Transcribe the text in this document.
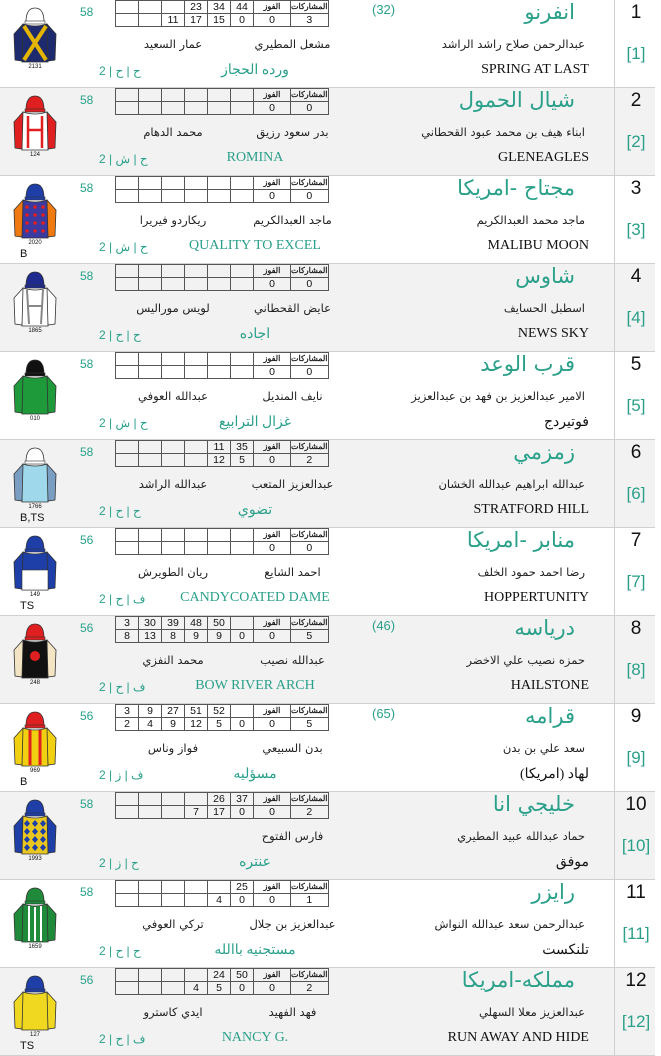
1
[1]
انفرنو
(32)
عبدالرحمن صلاح راشد الراشد
SPRING AT LAST
ورده الحجاز
مشعل المطيري
عمار السعيد
58
ح | ح | 2
			23	34	44	الفوز	المشاركات
		11	17	15	0	0	3
2131
2
[2]
شيال الحمول
ابناء هيف بن محمد عبود القحطاني
GLENEAGLES
ROMINA
بدر سعود رزيق
محمد الدهام
58
ح | ش | 2
						الفوز	المشاركات
						0	0
124
3
[3]
مجتاح -امريكا
ماجد محمد العبدالكريم
MALIBU MOON
QUALITY TO EXCEL
ماجد العبدالكريم
ريكاردو فيريرا
58
ح | ش | 2
B
						الفوز	المشاركات
						0	0
2020
4
[4]
شاوس
اسطبل الحسايف
NEWS SKY
اجاده
عايض القحطاني
لويس موراليس
58
ح | ح | 2
						الفوز	المشاركات
						0	0
1865
5
[5]
قرب الوعد
الامير عبدالعزيز بن فهد بن عبدالعزيز
فوتيردج
غزال الترابيع
نايف المنديل
عبدالله العوفي
58
ح | ش | 2
						الفوز	المشاركات
						0	0
010
6
[6]
زمزمي
عبدالله ابراهيم عبدالله الخشان
STRATFORD HILL
تضوي
عبدالعزيز المتعب
عبدالله الراشد
58
ح | ح | 2
B,TS
				11	35	الفوز	المشاركات
				12	5	0	2
1766
7
[7]
منابر -امريكا
رضا احمد حمود الخلف
HOPPERTUNITY
CANDYCOATED DAME
احمد الشايع
ريان الطويرش
56
ف | ح | 2
TS
						الفوز	المشاركات
						0	0
149
8
[8]
درياسه
(46)
حمزه نصيب علي الاخضر
HAILSTONE
BOW RIVER ARCH
عبدالله نصيب
محمد النفزي
56
ف | ح | 2
3	30	39	48	50		الفوز	المشاركات
8	13	8	9	9	0	0	5
248
9
[9]
قرامه
(65)
سعد علي بن بدن
لهاد (امريكا)
مسؤليه
بدن السبيعي
فواز وناس
56
ف | ز | 2
B
3	9	27	51	52		الفوز	المشاركات
2	4	9	12	5	0	0	5
969
10
[10]
خليجي انا
حماد عبدالله عبيد المطيري
موفق
عنتره
فارس الفتوح
58
ح | ز | 2
				26	37	الفوز	المشاركات
			7	17	0	0	2
1993
11
[11]
رايزر
عبدالرحمن سعد عبدالله النواش
تلنكست
مستجنيه باالله
عبدالعزيز بن جلال
تركي العوفي
58
ح | ح | 2
					25	الفوز	المشاركات
				4	0	0	1
1659
12
[12]
مملكه-امريكا
عبدالعزيز معلا السهلي
RUN AWAY AND HIDE
NANCY G.
فهد الفهيد
ايدي كاسترو
56
ف | ح | 2
TS
				24	50	الفوز	المشاركات
			4	5	0	0	2
127
